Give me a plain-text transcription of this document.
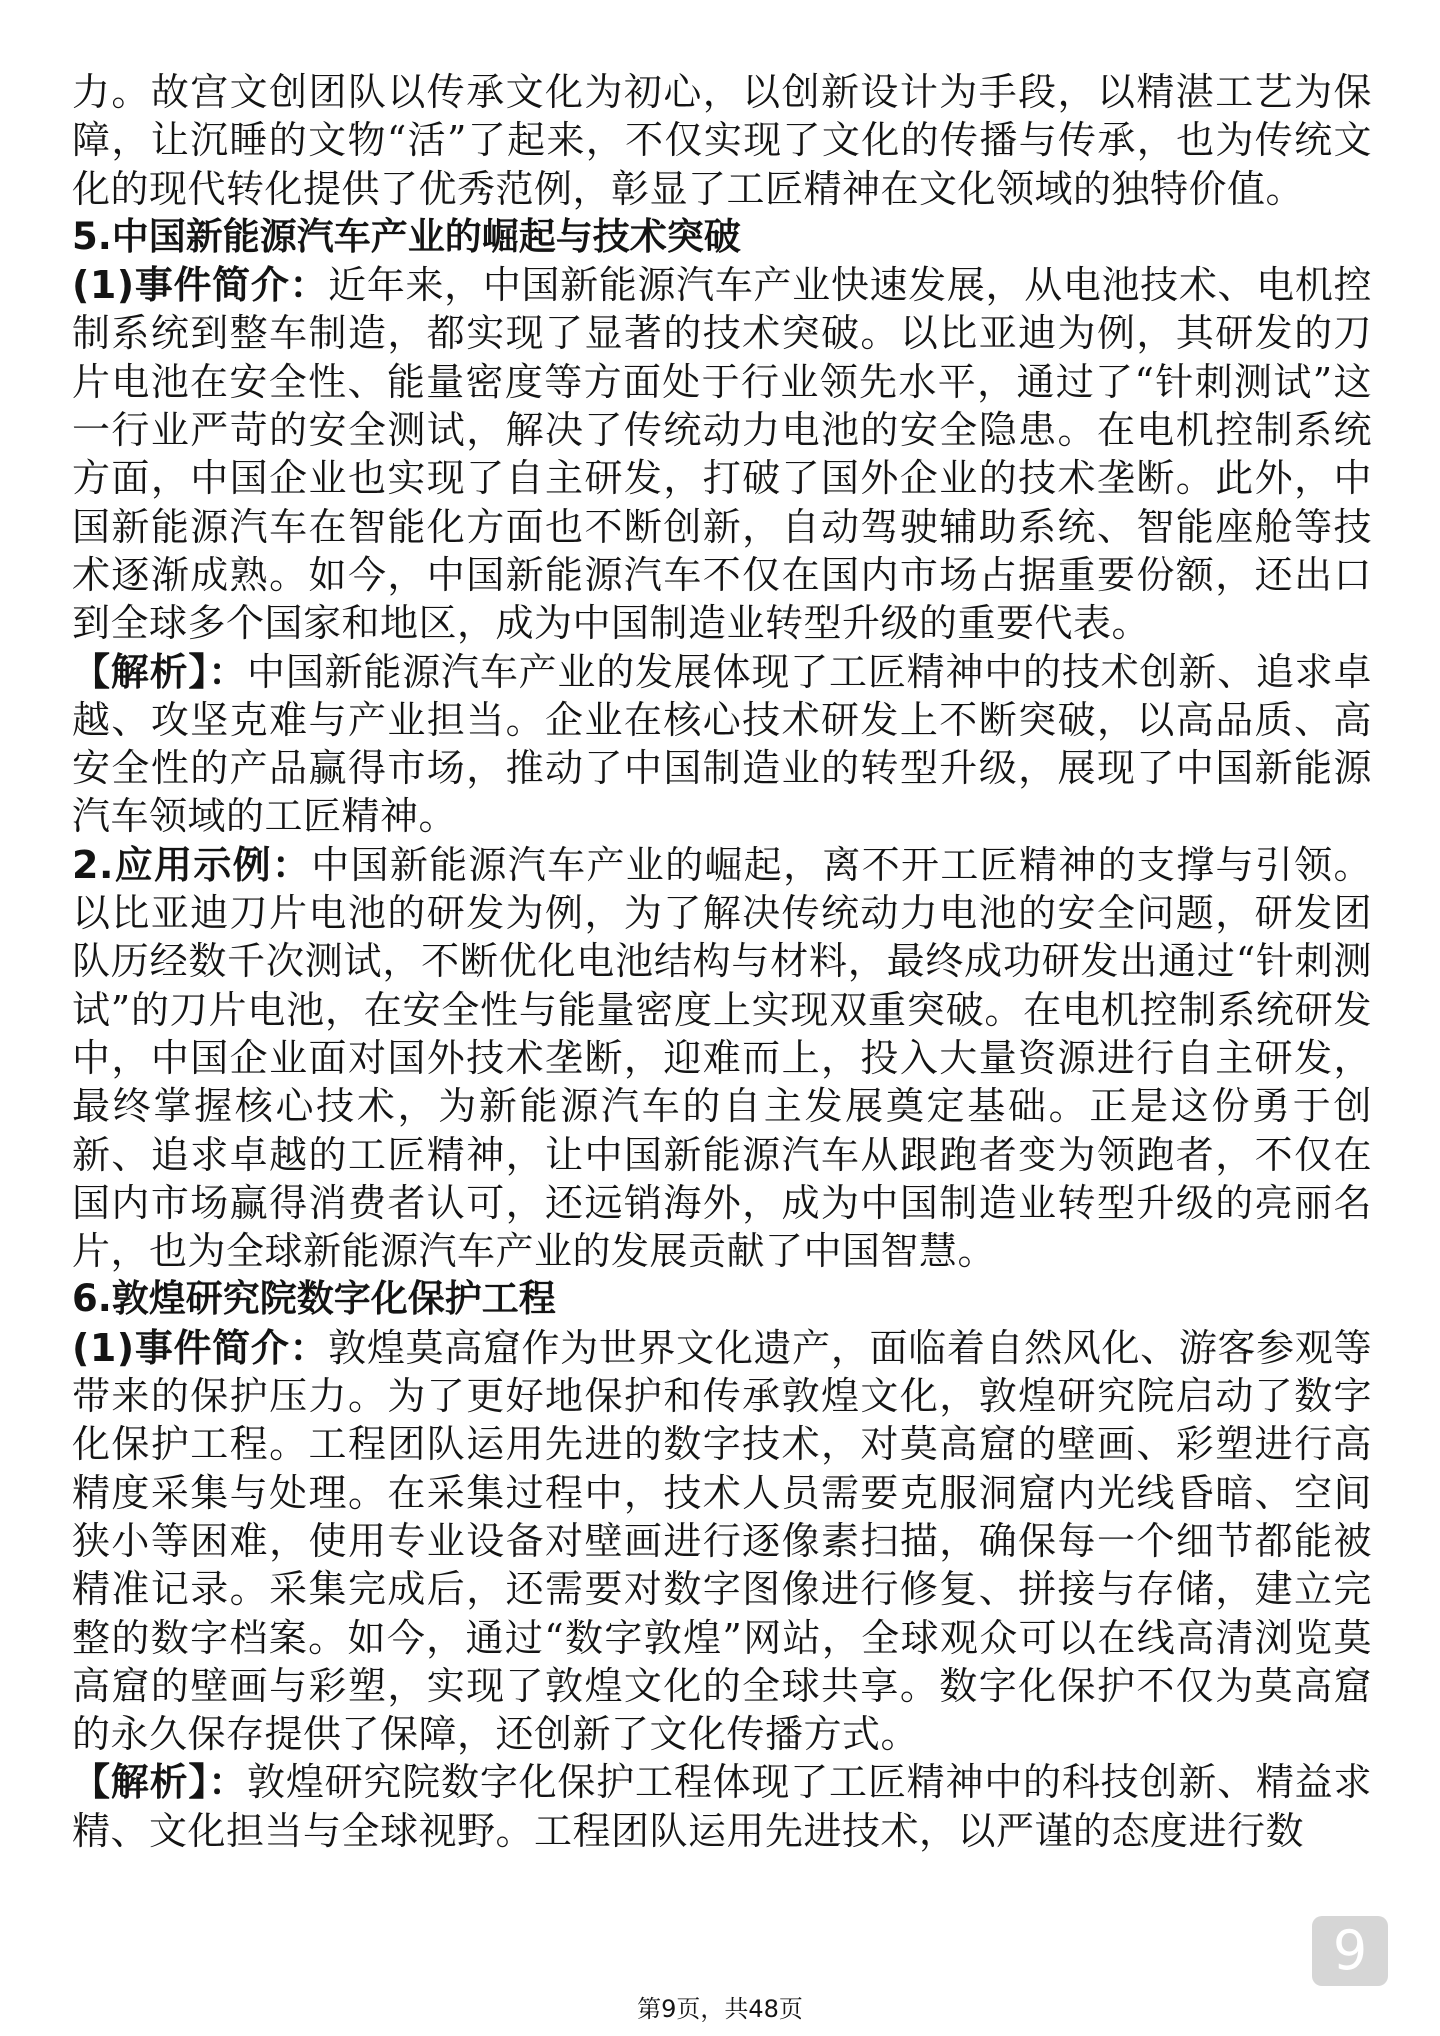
力。故宫文创团队以传承文化为初心，以创新设计为手段，以精湛工艺为保障，让沉睡的文物“活”了起来，不仅实现了文化的传播与传承，也为传统文化的现代转化提供了优秀范例，彰显了工匠精神在文化领域的独特价值。

5.中国新能源汽车产业的崛起与技术突破

(1)事件简介：近年来，中国新能源汽车产业快速发展，从电池技术、电机控制系统到整车制造，都实现了显著的技术突破。以比亚迪为例，其研发的刀片电池在安全性、能量密度等方面处于行业领先水平，通过了“针刺测试”这一行业严苛的安全测试，解决了传统动力电池的安全隐患。在电机控制系统方面，中国企业也实现了自主研发，打破了国外企业的技术垄断。此外，中国新能源汽车在智能化方面也不断创新，自动驾驶辅助系统、智能座舱等技术逐渐成熟。如今，中国新能源汽车不仅在国内市场占据重要份额，还出口到全球多个国家和地区，成为中国制造业转型升级的重要代表。

【解析】：中国新能源汽车产业的发展体现了工匠精神中的技术创新、追求卓越、攻坚克难与产业担当。企业在核心技术研发上不断突破，以高品质、高安全性的产品赢得市场，推动了中国制造业的转型升级，展现了中国新能源汽车领域的工匠精神。

2.应用示例：中国新能源汽车产业的崛起，离不开工匠精神的支撑与引领。以比亚迪刀片电池的研发为例，为了解决传统动力电池的安全问题，研发团队历经数千次测试，不断优化电池结构与材料，最终成功研发出通过“针刺测试”的刀片电池，在安全性与能量密度上实现双重突破。在电机控制系统研发中，中国企业面对国外技术垄断，迎难而上，投入大量资源进行自主研发，最终掌握核心技术，为新能源汽车的自主发展奠定基础。正是这份勇于创新、追求卓越的工匠精神，让中国新能源汽车从跟跑者变为领跑者，不仅在国内市场赢得消费者认可，还远销海外，成为中国制造业转型升级的亮丽名片，也为全球新能源汽车产业的发展贡献了中国智慧。

6.敦煌研究院数字化保护工程

(1)事件简介：敦煌莫高窟作为世界文化遗产，面临着自然风化、游客参观等带来的保护压力。为了更好地保护和传承敦煌文化，敦煌研究院启动了数字化保护工程。工程团队运用先进的数字技术，对莫高窟的壁画、彩塑进行高精度采集与处理。在采集过程中，技术人员需要克服洞窟内光线昏暗、空间狭小等困难，使用专业设备对壁画进行逐像素扫描，确保每一个细节都能被精准记录。采集完成后，还需要对数字图像进行修复、拼接与存储，建立完整的数字档案。如今，通过“数字敦煌”网站，全球观众可以在线高清浏览莫高窟的壁画与彩塑，实现了敦煌文化的全球共享。数字化保护不仅为莫高窟的永久保存提供了保障，还创新了文化传播方式。

【解析】：敦煌研究院数字化保护工程体现了工匠精神中的科技创新、精益求精、文化担当与全球视野。工程团队运用先进技术，以严谨的态度进行数

9
第9页，共48页
